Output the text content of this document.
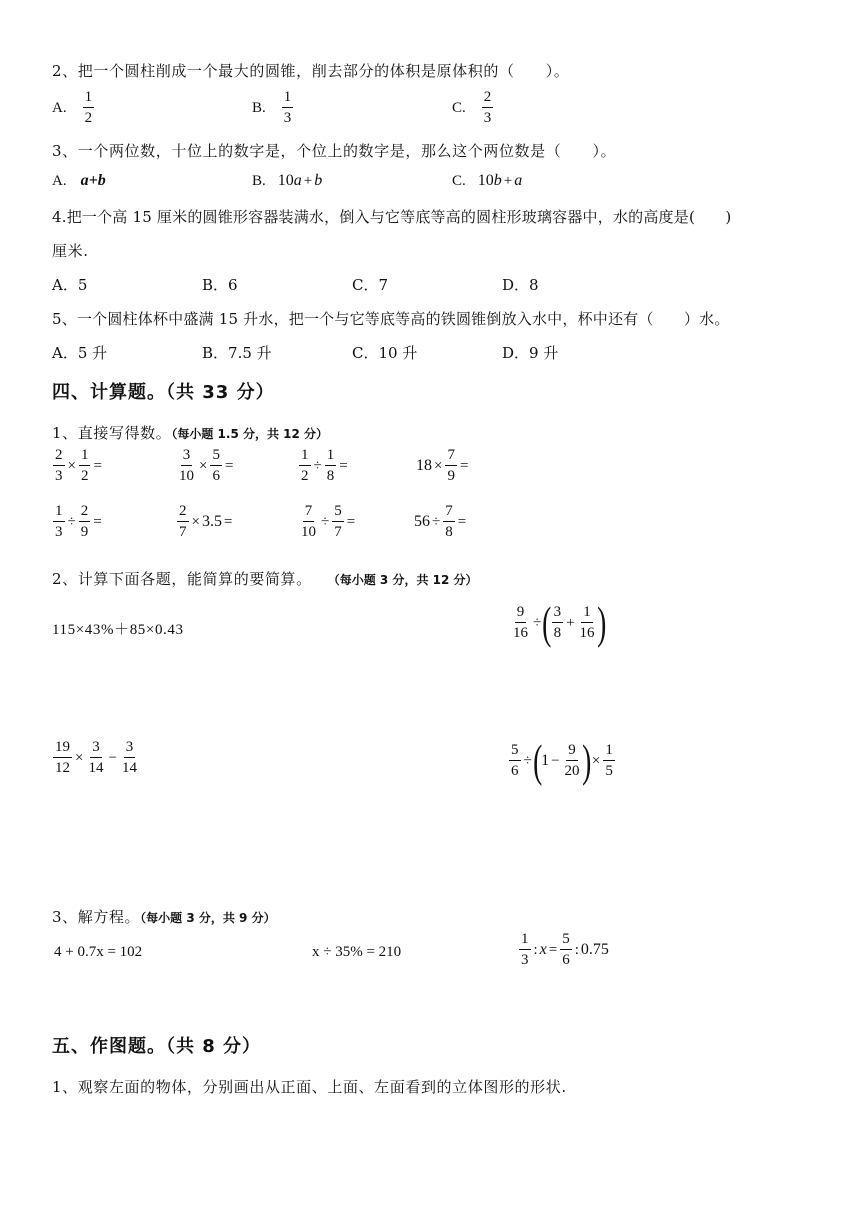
2、把一个圆柱削成一个最大的圆锥，削去部分的体积是原体积的（　　）。
A. $\frac{1}{2}$	B. $\frac{1}{3}$	C. $\frac{2}{3}$
3、一个两位数，十位上的数字是，个位上的数字是，那么这个两位数是（　　）。
A. a+b	B. 10 a + b	C. 10 b + a
4.把一个高 15 厘米的圆锥形容器装满水，倒入与它等底等高的圆柱形玻璃容器中，水的高度是(　　)
厘米.
A．5	B．6	C．7	D．8
5、一个圆柱体杯中盛满 15 升水，把一个与它等底等高的铁圆锥倒放入水中，杯中还有（　　）水。
A．5 升	B．7.5 升	C．10 升	D．9 升
四、计算题。（共 33 分）
1、直接写得数。（每小题 1.5 分，共 12 分）
$\frac{2}{3} \times \frac{1}{2}$ =	$\frac{3}{10} \times \frac{5}{6}$ =	$\frac{1}{2} \div \frac{1}{8}$ =	$18 \times \frac{7}{9}$ =
$\frac{1}{3} \div \frac{2}{9}$ =	$\frac{2}{7} \times 3.5$ =	$\frac{7}{10} \div \frac{5}{7}$ =	$56 \div \frac{7}{8}$ =
2、计算下面各题，能简算的要简算。 （每小题 3 分，共 12 分）
115×43%＋85×0.43	$\frac{9}{16}$ ÷ ( $\frac{3}{8} + \frac{1}{16}$ )
$\frac{19}{12} \times \frac{3}{14} - \frac{3}{14}$	$\frac{5}{6}$ ÷ ( $1 - \frac{9}{20}$ ) × $\frac{1}{5}$
3、解方程。（每小题 3 分，共 9 分）
4 + 0.7x = 102	x ÷ 35% = 210	$\frac{1}{3}$ : $x = \frac{5}{6}$ : 0.75
五、作图题。（共 8 分）
1、观察左面的物体，分别画出从正面、上面、左面看到的立体图形的形状.
